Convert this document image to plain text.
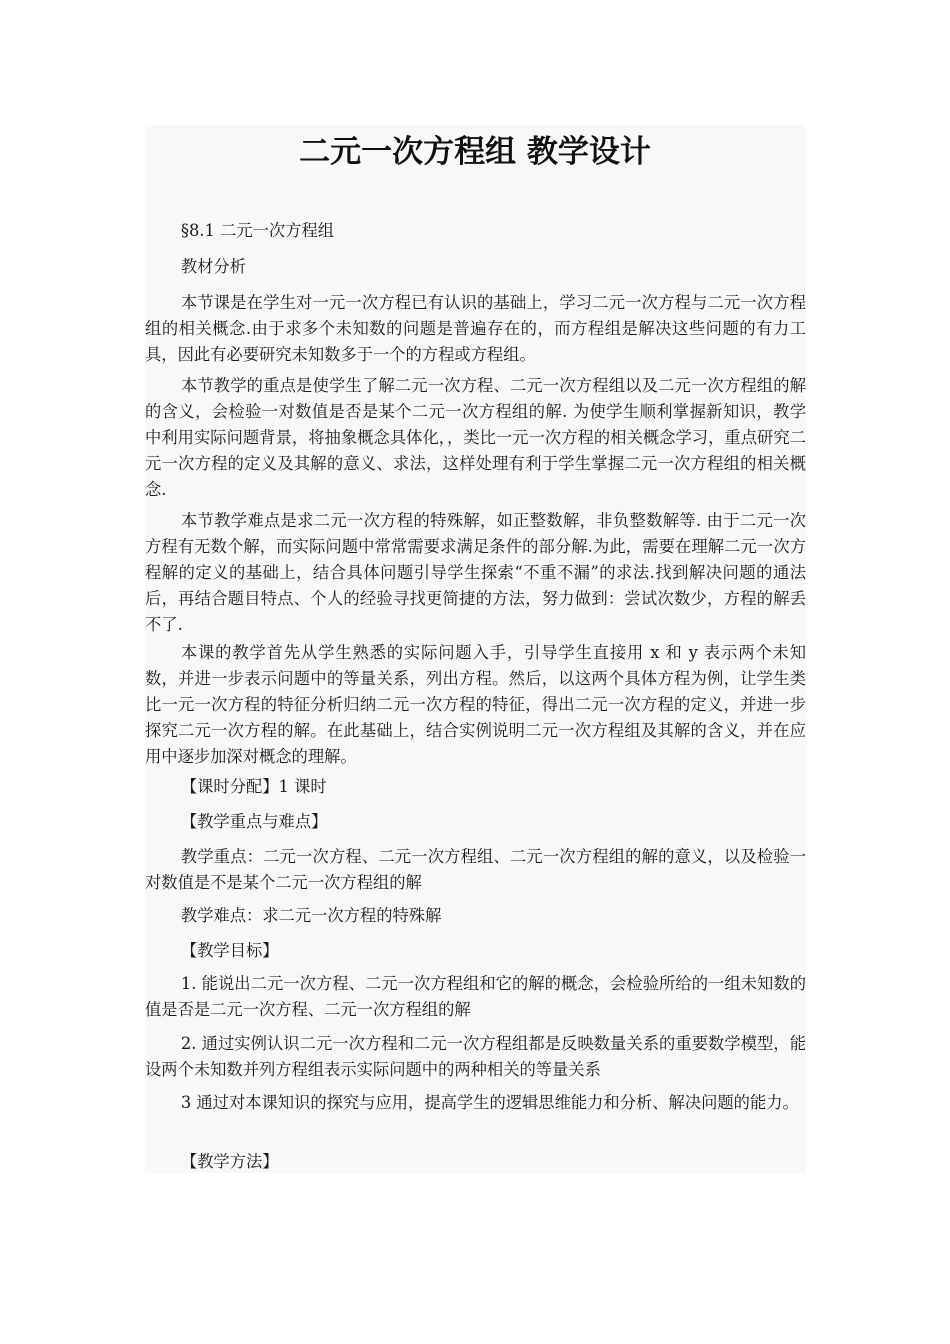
二元一次方程组 教学设计

§8.1 二元一次方程组

教材分析

本节课是在学生对一元一次方程已有认识的基础上，学习二元一次方程与二元一次方程组的相关概念.由于求多个未知数的问题是普遍存在的，而方程组是解决这些问题的有力工具，因此有必要研究未知数多于一个的方程或方程组。

本节教学的重点是使学生了解二元一次方程、二元一次方程组以及二元一次方程组的解的含义，会检验一对数值是否是某个二元一次方程组的解. 为使学生顺利掌握新知识，教学中利用实际问题背景，将抽象概念具体化，，类比一元一次方程的相关概念学习，重点研究二元一次方程的定义及其解的意义、求法，这样处理有利于学生掌握二元一次方程组的相关概念.

本节教学难点是求二元一次方程的特殊解，如正整数解，非负整数解等. 由于二元一次方程有无数个解，而实际问题中常常需要求满足条件的部分解.为此，需要在理解二元一次方程解的定义的基础上，结合具体问题引导学生探索“不重不漏”的求法.找到解决问题的通法后，再结合题目特点、个人的经验寻找更简捷的方法，努力做到：尝试次数少，方程的解丢不了.

本课的教学首先从学生熟悉的实际问题入手，引导学生直接用 x 和 y 表示两个未知数，并进一步表示问题中的等量关系，列出方程。然后，以这两个具体方程为例，让学生类比一元一次方程的特征分析归纳二元一次方程的特征，得出二元一次方程的定义，并进一步探究二元一次方程的解。在此基础上，结合实例说明二元一次方程组及其解的含义，并在应用中逐步加深对概念的理解。

【课时分配】1 课时

【教学重点与难点】

教学重点：二元一次方程、二元一次方程组、二元一次方程组的解的意义，以及检验一对数值是不是某个二元一次方程组的解

教学难点：求二元一次方程的特殊解

【教学目标】

1. 能说出二元一次方程、二元一次方程组和它的解的概念，会检验所给的一组未知数的值是否是二元一次方程、二元一次方程组的解

2. 通过实例认识二元一次方程和二元一次方程组都是反映数量关系的重要数学模型，能设两个未知数并列方程组表示实际问题中的两种相关的等量关系

3 通过对本课知识的探究与应用，提高学生的逻辑思维能力和分析、解决问题的能力。

【教学方法】
